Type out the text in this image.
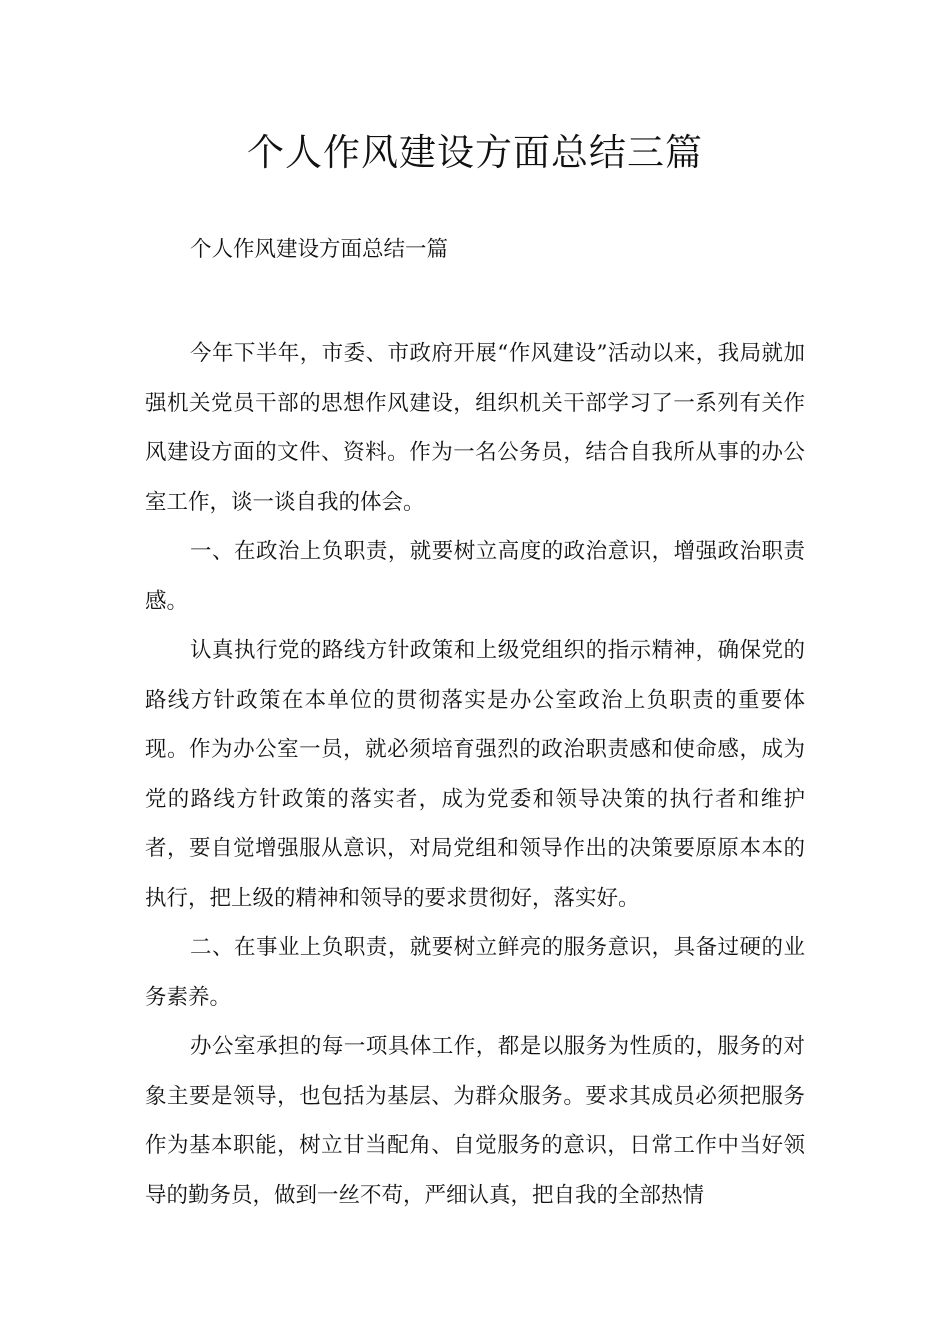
个人作风建设方面总结三篇

个人作风建设方面总结一篇

今年下半年，市委、市政府开展“作风建设”活动以来，我局就加强机关党员干部的思想作风建设，组织机关干部学习了一系列有关作风建设方面的文件、资料。作为一名公务员，结合自我所从事的办公室工作，谈一谈自我的体会。

一、在政治上负职责，就要树立高度的政治意识，增强政治职责感。

认真执行党的路线方针政策和上级党组织的指示精神，确保党的路线方针政策在本单位的贯彻落实是办公室政治上负职责的重要体现。作为办公室一员，就必须培育强烈的政治职责感和使命感，成为党的路线方针政策的落实者，成为党委和领导决策的执行者和维护者，要自觉增强服从意识，对局党组和领导作出的决策要原原本本的执行，把上级的精神和领导的要求贯彻好，落实好。

二、在事业上负职责，就要树立鲜亮的服务意识，具备过硬的业务素养。

办公室承担的每一项具体工作，都是以服务为性质的，服务的对象主要是领导，也包括为基层、为群众服务。要求其成员必须把服务作为基本职能，树立甘当配角、自觉服务的意识，日常工作中当好领导的勤务员，做到一丝不苟，严细认真，把自我的全部热情
